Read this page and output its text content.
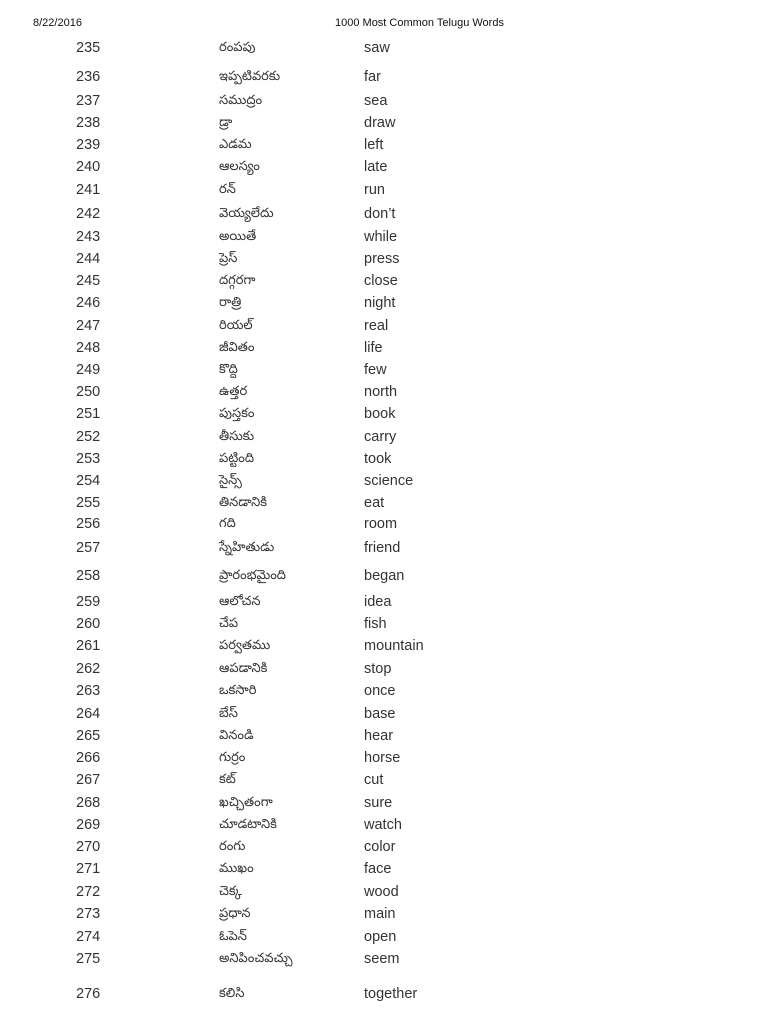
8/22/2016	1000 Most Common Telugu Words
235	రంపపు	saw
236	ఇప్పటివరకు	far
237	సముద్రం	sea
238	డ్రా	draw
239	ఎడమ	left
240	ఆలస్యం	late
241	రన్	run
242	వెయ్యలేదు	don’t
243	అయితే	while
244	ప్రెస్	press
245	దగ్గరగా	close
246	రాత్రి	night
247	రియల్	real
248	జీవితం	life
249	కొద్ది	few
250	ఉత్తర	north
251	పుస్తకం	book
252	తీసుకు	carry
253	పట్టింది	took
254	సైన్స్	science
255	తినడానికి	eat
256	గది	room
257	స్నేహితుడు	friend
258	ప్రారంభమైంది	began
259	ఆలోచన	idea
260	చేప	fish
261	పర్వతము	mountain
262	ఆపడానికి	stop
263	ఒకసారి	once
264	బేస్	base
265	వినండి	hear
266	గుర్రం	horse
267	కట్	cut
268	ఖచ్చితంగా	sure
269	చూడటానికి	watch
270	రంగు	color
271	ముఖం	face
272	చెక్క	wood
273	ప్రధాన	main
274	ఓపెన్	open
275	అనిపించవచ్చు	seem
276	కలిసి	together
